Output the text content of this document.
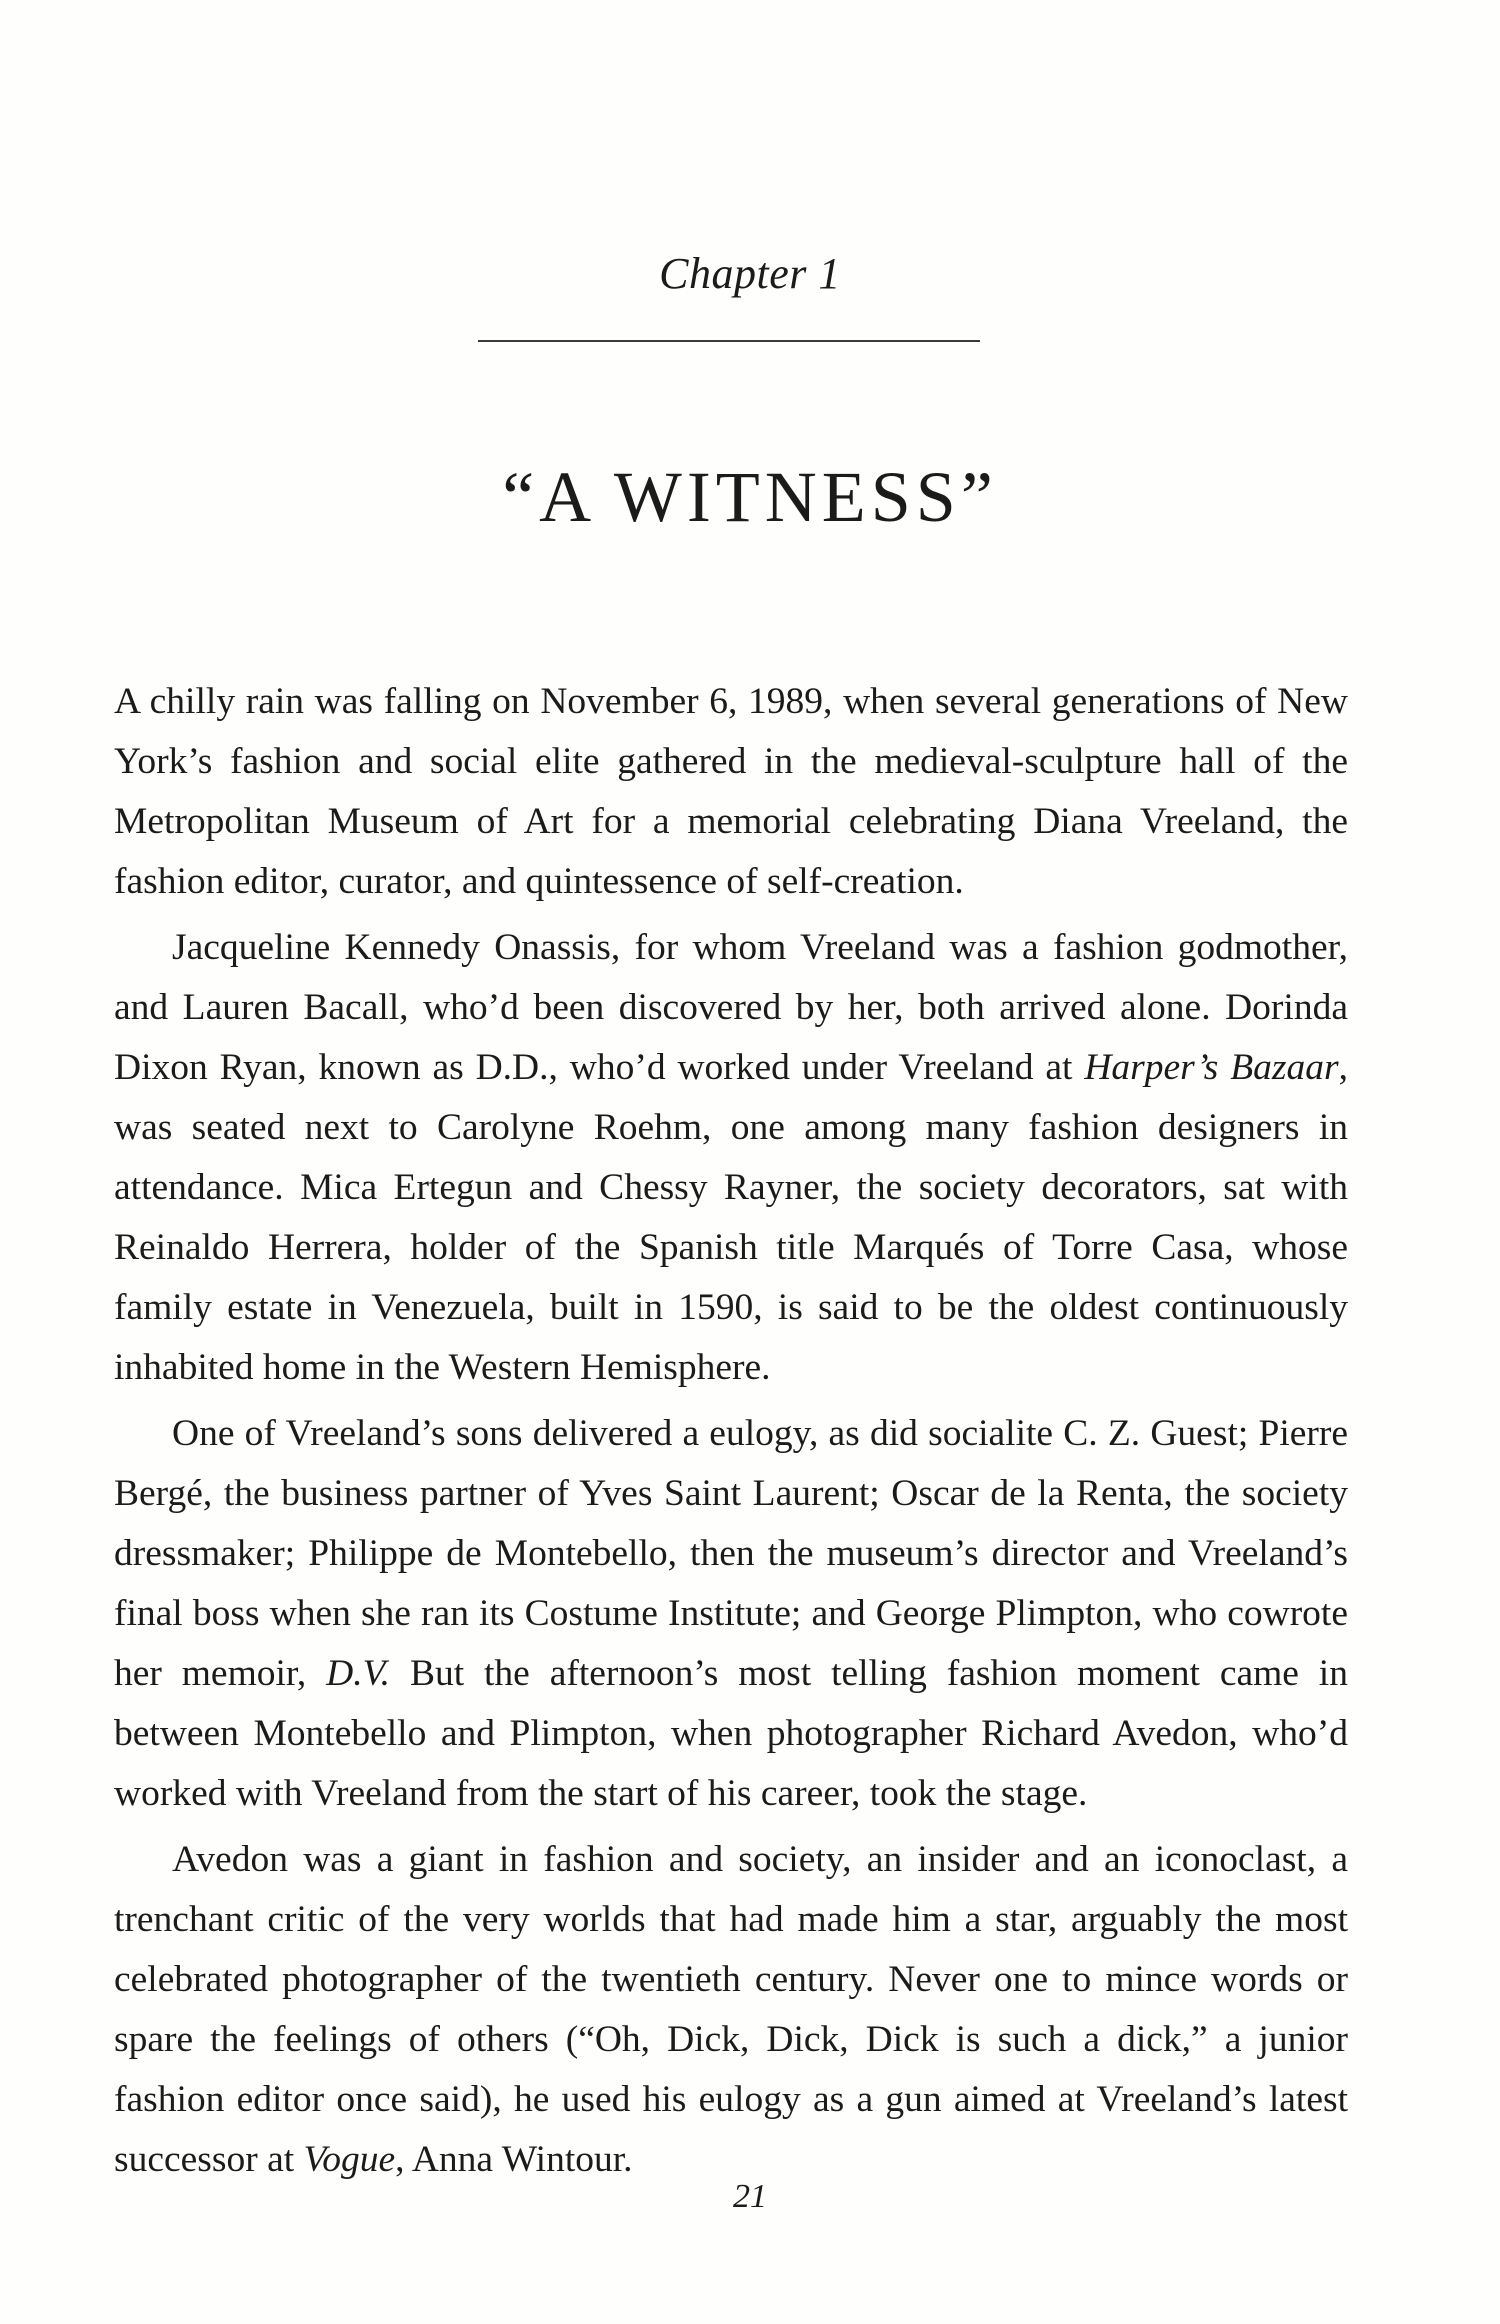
Chapter 1
“A WITNESS”

A chilly rain was falling on November 6, 1989, when several generations of New York’s fashion and social elite gathered in the medieval-sculpture hall of the Metropolitan Museum of Art for a memorial celebrating Diana Vreeland, the fashion editor, curator, and quintessence of self-creation.

Jacqueline Kennedy Onassis, for whom Vreeland was a fashion godmother, and Lauren Bacall, who’d been discovered by her, both arrived alone. Dorinda Dixon Ryan, known as D.D., who’d worked under Vreeland at Harper’s Bazaar, was seated next to Carolyne Roehm, one among many fashion designers in attendance. Mica Ertegun and Chessy Rayner, the society decorators, sat with Reinaldo Herrera, holder of the Spanish title Marqués of Torre Casa, whose family estate in Venezuela, built in 1590, is said to be the oldest continuously inhabited home in the Western Hemisphere.

One of Vreeland’s sons delivered a eulogy, as did socialite C. Z. Guest; Pierre Bergé, the business partner of Yves Saint Laurent; Oscar de la Renta, the society dressmaker; Philippe de Montebello, then the museum’s director and Vreeland’s final boss when she ran its Costume Institute; and George Plimpton, who cowrote her memoir, D.V. But the afternoon’s most telling fashion moment came in between Montebello and Plimpton, when photographer Richard Avedon, who’d worked with Vreeland from the start of his career, took the stage.

Avedon was a giant in fashion and society, an insider and an iconoclast, a trenchant critic of the very worlds that had made him a star, arguably the most celebrated photographer of the twentieth century. Never one to mince words or spare the feelings of others (“Oh, Dick, Dick, Dick is such a dick,” a junior fashion editor once said), he used his eulogy as a gun aimed at Vreeland’s latest successor at Vogue, Anna Wintour.

21
